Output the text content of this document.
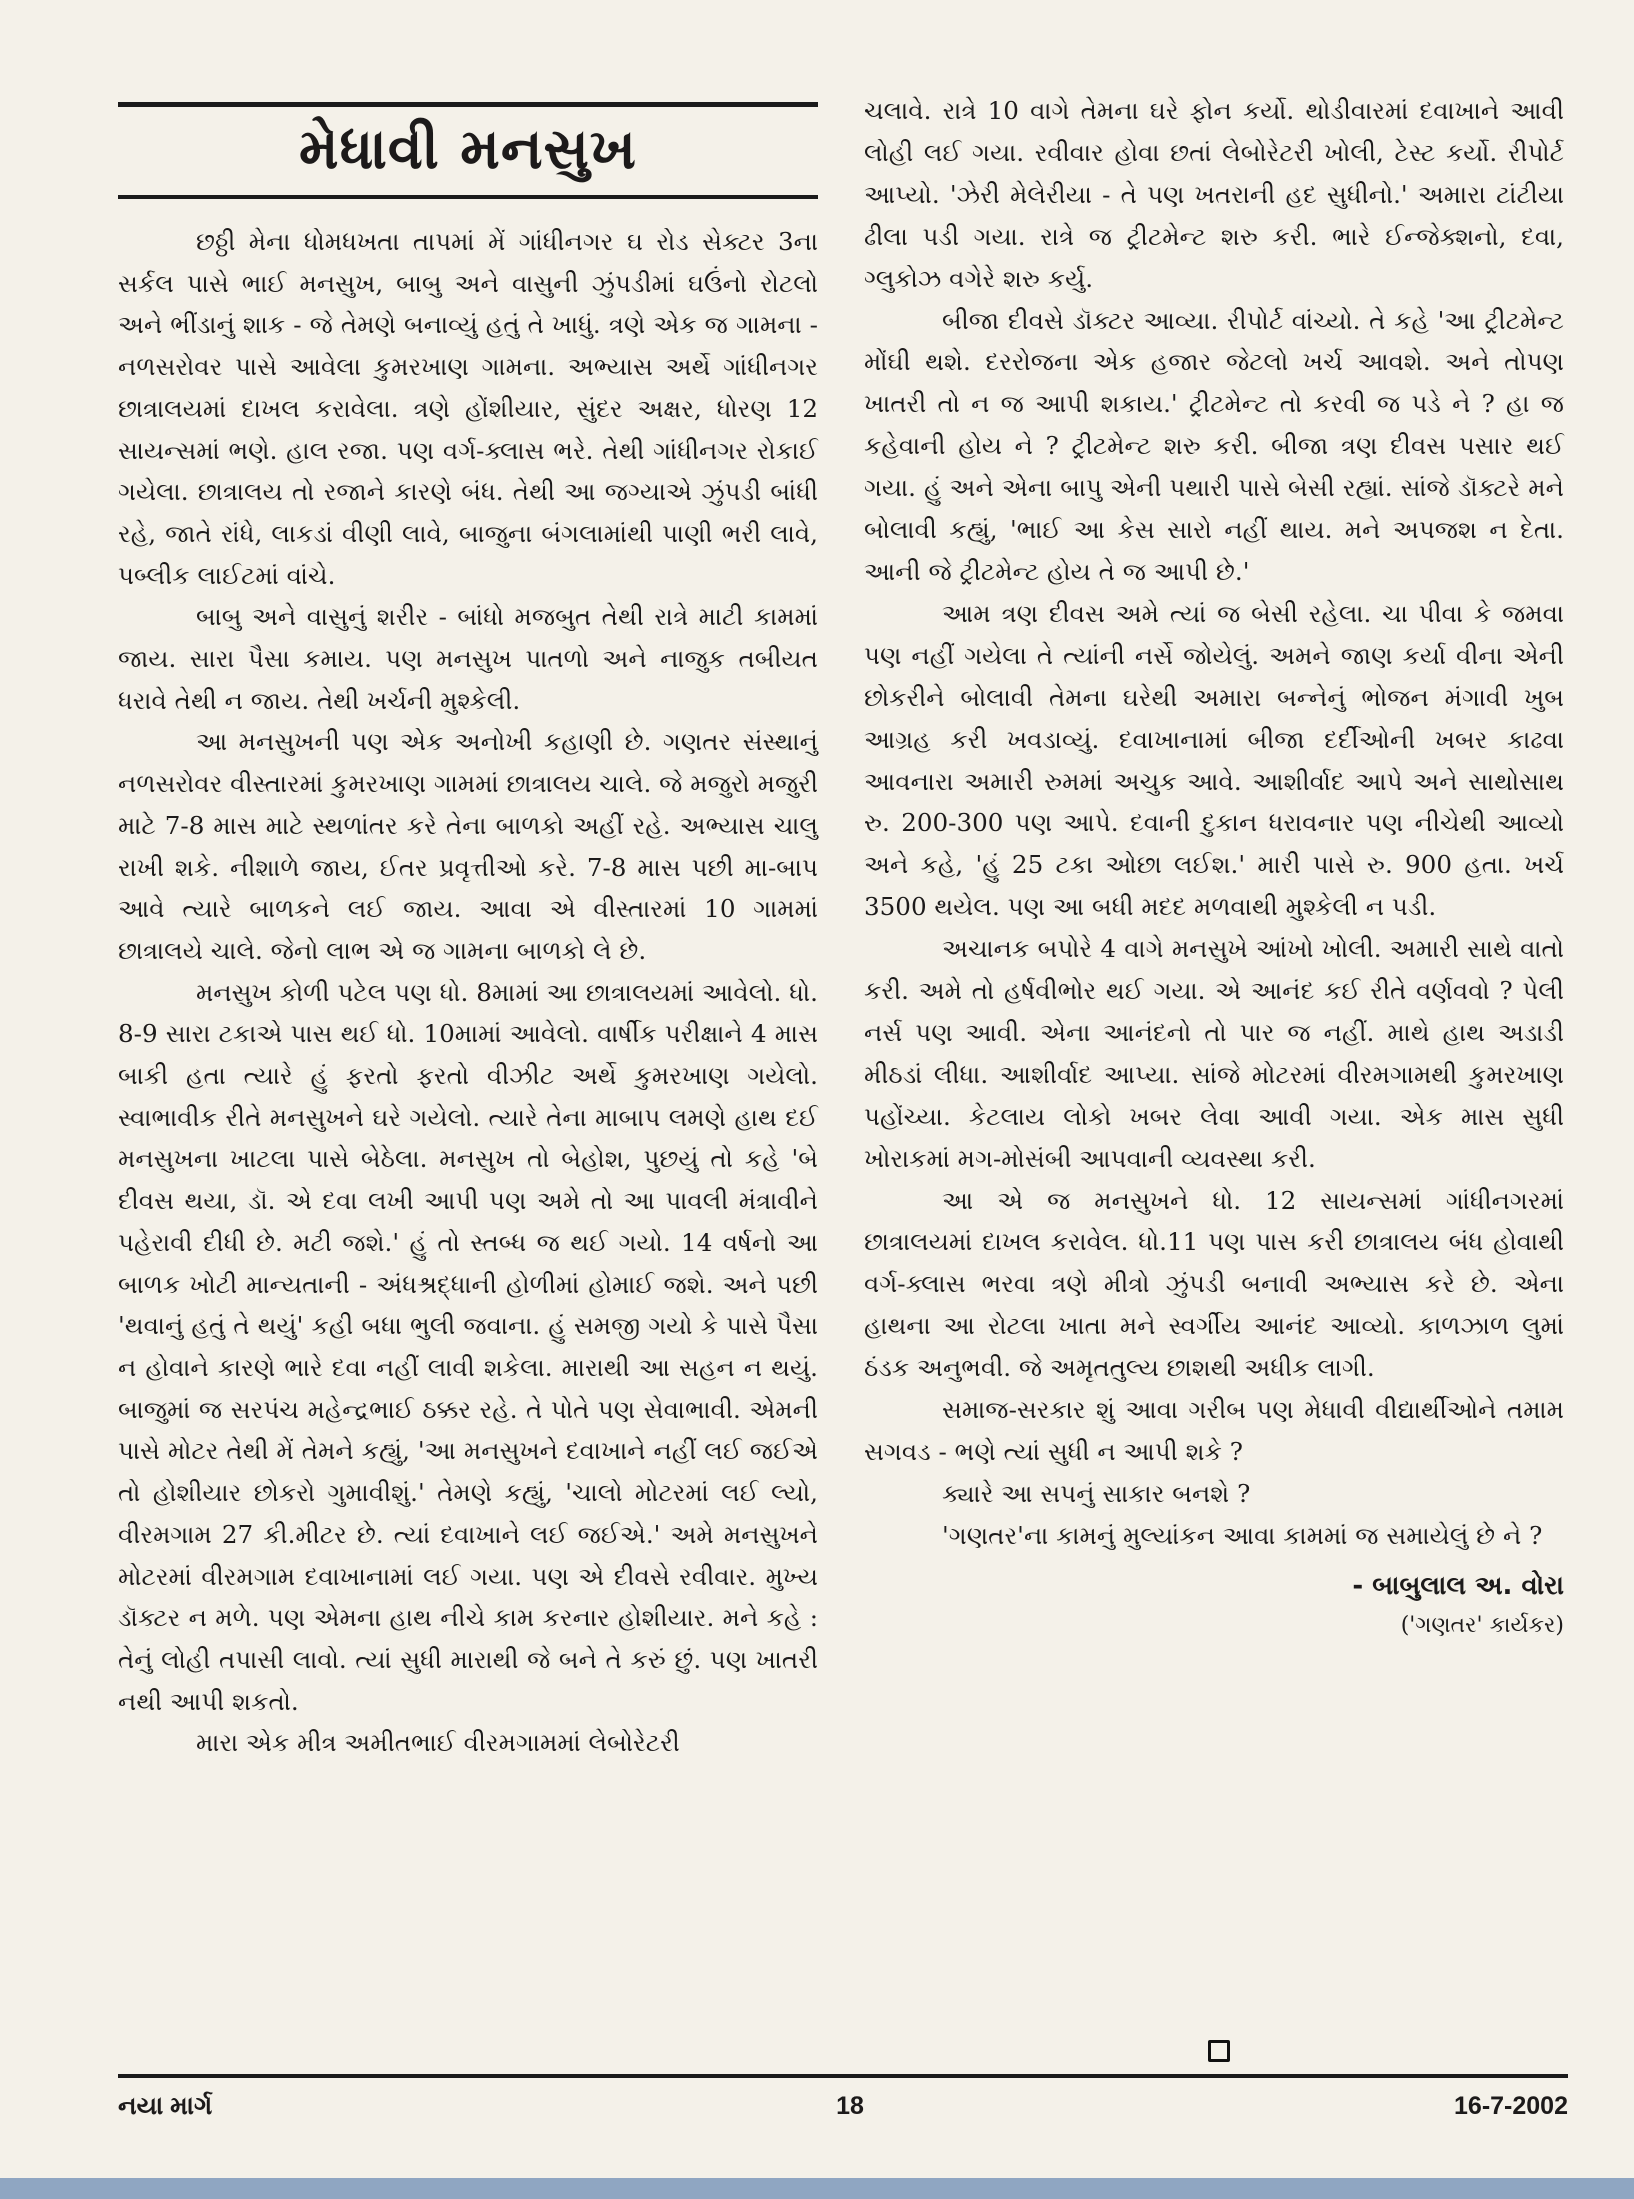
મેધાવી મનસુખ

છઠ્ઠી મેના ધોમધખતા તાપમાં મેં ગાંધીનગર ઘ રોડ સેક્ટર 3ના સર્કલ પાસે ભાઈ મનસુખ, બાબુ અને વાસુની ઝુંપડીમાં ઘઉંનો રોટલો અને ભીંડાનું શાક - જે તેમણે બનાવ્યું હતું તે ખાધું. ત્રણે એક જ ગામના - નળસરોવર પાસે આવેલા કુમરખાણ ગામના. અભ્યાસ અર્થે ગાંધીનગર છાત્રાલયમાં દાખલ કરાવેલા. ત્રણે હોંશીયાર, સુંદર અક્ષર, ધોરણ 12 સાયન્સમાં ભણે. હાલ રજા. પણ વર્ગ-ક્લાસ ભરે. તેથી ગાંધીનગર રોકાઈ ગયેલા. છાત્રાલય તો રજાને કારણે બંધ. તેથી આ જગ્યાએ ઝુંપડી બાંધી રહે, જાતે રાંધે, લાકડાં વીણી લાવે, બાજુના બંગલામાંથી પાણી ભરી લાવે, પબ્લીક લાઈટમાં વાંચે.

બાબુ અને વાસુનું શરીર - બાંધો મજબુત તેથી રાત્રે માટી કામમાં જાય. સારા પૈસા કમાય. પણ મનસુખ પાતળો અને નાજુક તબીયત ધરાવે તેથી ન જાય. તેથી ખર્ચની મુશ્કેલી.

આ મનસુખની પણ એક અનોખી કહાણી છે. ગણતર સંસ્થાનું નળસરોવર વીસ્તારમાં કુમરખાણ ગામમાં છાત્રાલય ચાલે. જે મજુરો મજુરી માટે 7-8 માસ માટે સ્થળાંતર કરે તેના બાળકો અહીં રહે. અભ્યાસ ચાલુ રાખી શકે. નીશાળે જાય, ઈતર પ્રવૃત્તીઓ કરે. 7-8 માસ પછી મા-બાપ આવે ત્યારે બાળકને લઈ જાય. આવા એ વીસ્તારમાં 10 ગામમાં છાત્રાલયે ચાલે. જેનો લાભ એ જ ગામના બાળકો લે છે.

મનસુખ કોળી પટેલ પણ ધો. 8મામાં આ છાત્રાલયમાં આવેલો. ધો. 8-9 સારા ટકાએ પાસ થઈ ધો. 10મામાં આવેલો. વાર્ષીક પરીક્ષાને 4 માસ બાકી હતા ત્યારે હું ફરતો ફરતો વીઝીટ અર્થે કુમરખાણ ગયેલો. સ્વાભાવીક રીતે મનસુખને ઘરે ગયેલો. ત્યારે તેના માબાપ લમણે હાથ દઈ મનસુખના ખાટલા પાસે બેઠેલા. મનસુખ તો બેહોશ, પુછયું તો કહે 'બે દીવસ થયા, ડૉ. એ દવા લખી આપી પણ અમે તો આ પાવલી મંત્રાવીને પહેરાવી દીધી છે. મટી જશે.' હું તો સ્તબ્ધ જ થઈ ગયો. 14 વર્ષનો આ બાળક ખોટી માન્યતાની - અંધશ્રદ્ધાની હોળીમાં હોમાઈ જશે. અને પછી 'થવાનું હતું તે થયું' કહી બધા ભુલી જવાના. હું સમજી ગયો કે પાસે પૈસા ન હોવાને કારણે ભારે દવા નહીં લાવી શકેલા. મારાથી આ સહન ન થયું. બાજુમાં જ સરપંચ મહેન્દ્રભાઈ ઠક્કર રહે. તે પોતે પણ સેવાભાવી. એમની પાસે મોટર તેથી મેં તેમને કહ્યું, 'આ મનસુખને દવાખાને નહીં લઈ જઈએ તો હોશીયાર છોકરો ગુમાવીશું.' તેમણે કહ્યું, 'ચાલો મોટરમાં લઈ લ્યો, વીરમગામ 27 કી.મીટર છે. ત્યાં દવાખાને લઈ જઈએ.' અમે મનસુખને મોટરમાં વીરમગામ દવાખાનામાં લઈ ગયા. પણ એ દીવસે રવીવાર. મુખ્ય ડૉક્ટર ન મળે. પણ એમના હાથ નીચે કામ કરનાર હોશીયાર. મને કહે : તેનું લોહી તપાસી લાવો. ત્યાં સુધી મારાથી જે બને તે કરું છું. પણ ખાતરી નથી આપી શકતો.

મારા એક મીત્ર અમીતભાઈ વીરમગામમાં લેબોરેટરી

ચલાવે. રાત્રે 10 વાગે તેમના ઘરે ફોન કર્યો. થોડીવારમાં દવાખાને આવી લોહી લઈ ગયા. રવીવાર હોવા છતાં લેબોરેટરી ખોલી, ટેસ્ટ કર્યો. રીપોર્ટ આપ્યો. 'ઝેરી મેલેરીયા - તે પણ ખતરાની હદ સુધીનો.' અમારા ટાંટીયા ઢીલા પડી ગયા. રાત્રે જ ટ્રીટમેન્ટ શરુ કરી. ભારે ઈન્જેક્શનો, દવા, ગ્લુકોઝ વગેરે શરુ કર્યુ.

બીજા દીવસે ડૉક્ટર આવ્યા. રીપોર્ટ વાંચ્યો. તે કહે 'આ ટ્રીટમેન્ટ મોંઘી થશે. દરરોજના એક હજાર જેટલો ખર્ચ આવશે. અને તોપણ ખાતરી તો ન જ આપી શકાય.' ટ્રીટમેન્ટ તો કરવી જ પડે ને ? હા જ કહેવાની હોય ને ? ટ્રીટમેન્ટ શરુ કરી. બીજા ત્રણ દીવસ પસાર થઈ ગયા. હું અને એના બાપુ એની પથારી પાસે બેસી રહ્યાં. સાંજે ડૉક્ટરે મને બોલાવી કહ્યું, 'ભાઈ આ કેસ સારો નહીં થાય. મને અપજશ ન દેતા. આની જે ટ્રીટમેન્ટ હોય તે જ આપી છે.'

આમ ત્રણ દીવસ અમે ત્યાં જ બેસી રહેલા. ચા પીવા કે જમવા પણ નહીં ગયેલા તે ત્યાંની નર્સે જોયેલું. અમને જાણ કર્યા વીના એની છોકરીને બોલાવી તેમના ઘરેથી અમારા બન્નેનું ભોજન મંગાવી ખુબ આગ્રહ કરી ખવડાવ્યું. દવાખાનામાં બીજા દર્દીઓની ખબર કાઢવા આવનારા અમારી રુમમાં અચુક આવે. આશીર્વાદ આપે અને સાથોસાથ રુ. 200-300 પણ આપે. દવાની દુકાન ધરાવનાર પણ નીચેથી આવ્યો અને કહે, 'હું 25 ટકા ઓછા લઈશ.' મારી પાસે રુ. 900 હતા. ખર્ચ 3500 થયેલ. પણ આ બધી મદદ મળવાથી મુશ્કેલી ન પડી.

અચાનક બપોરે 4 વાગે મનસુખે આંખો ખોલી. અમારી સાથે વાતો કરી. અમે તો હર્ષવીભોર થઈ ગયા. એ આનંદ કઈ રીતે વર્ણવવો ? પેલી નર્સ પણ આવી. એના આનંદનો તો પાર જ નહીં. માથે હાથ અડાડી મીઠડાં લીધા. આશીર્વાદ આપ્યા. સાંજે મોટરમાં વીરમગામથી કુમરખાણ પહોંચ્યા. કેટલાય લોકો ખબર લેવા આવી ગયા. એક માસ સુધી ખોરાકમાં મગ-મોસંબી આપવાની વ્યવસ્થા કરી.

આ એ જ મનસુખને ધો. 12 સાયન્સમાં ગાંધીનગરમાં છાત્રાલયમાં દાખલ કરાવેલ. ધો.11 પણ પાસ કરી છાત્રાલય બંધ હોવાથી વર્ગ-ક્લાસ ભરવા ત્રણે મીત્રો ઝુંપડી બનાવી અભ્યાસ કરે છે. એના હાથના આ રોટલા ખાતા મને સ્વર્ગીય આનંદ આવ્યો. કાળઝાળ લુમાં ઠંડક અનુભવી. જે અમૃતતુલ્ય છાશથી અધીક લાગી.

સમાજ-સરકાર શું આવા ગરીબ પણ મેધાવી વીદ્યાર્થીઓને તમામ સગવડ - ભણે ત્યાં સુધી ન આપી શકે ?

ક્યારે આ સપનું સાકાર બનશે ?

'ગણતર'ના કામનું મુલ્યાંકન આવા કામમાં જ સમાયેલું છે ને ?

- બાબુલાલ અ. વોરા
('ગણતર' કાર્યકર)
નયા માર્ગ	18	16-7-2002
